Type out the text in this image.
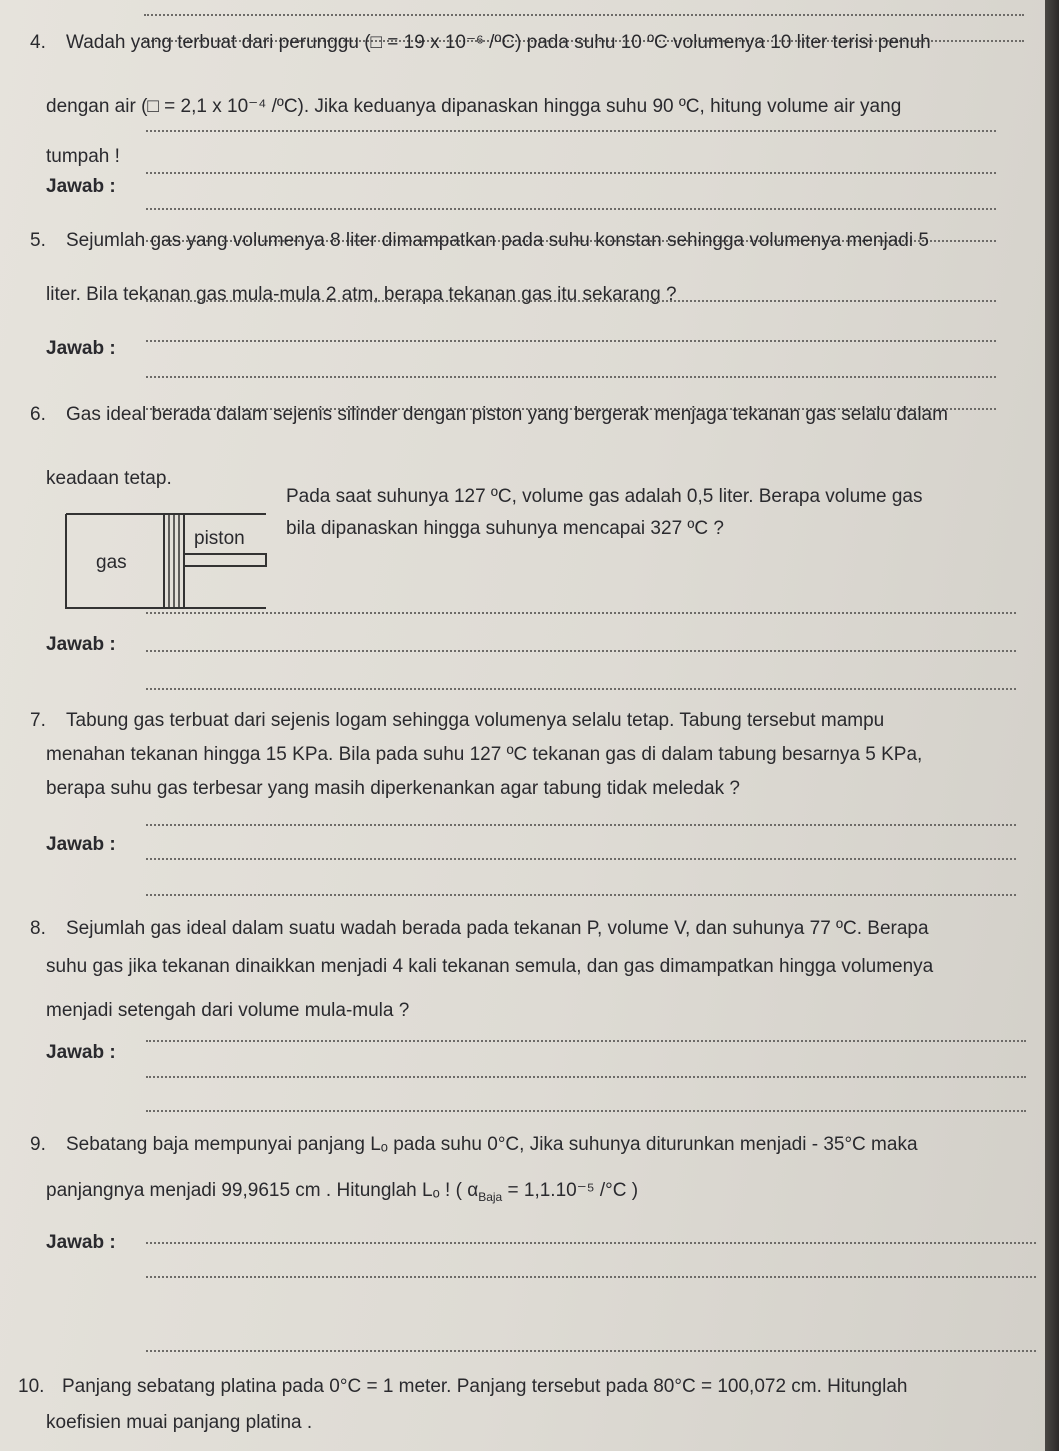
4. Wadah yang terbuat dari perunggu (□ = 19 x 10⁻⁶ /ºC) pada suhu 10 ºC volumenya 10 liter terisi penuh
dengan air (□ = 2,1 x 10⁻⁴ /ºC). Jika keduanya dipanaskan hingga suhu 90 ºC, hitung volume air yang
tumpah !
Jawab :
5. Sejumlah gas yang volumenya 8 liter dimampatkan pada suhu konstan sehingga volumenya menjadi 5
liter. Bila tekanan gas mula-mula 2 atm, berapa tekanan gas itu sekarang ?
Jawab :
6. Gas ideal berada dalam sejenis silinder dengan piston yang bergerak menjaga tekanan gas selalu dalam
keadaan tetap.
Pada saat suhunya 127 ºC, volume gas adalah 0,5 liter. Berapa volume gas
bila dipanaskan hingga suhunya mencapai 327 ºC ?
gas
piston
Jawab :
7. Tabung gas terbuat dari sejenis logam sehingga volumenya selalu tetap. Tabung tersebut mampu
menahan tekanan hingga 15 KPa. Bila pada suhu 127 ºC tekanan gas di dalam tabung besarnya 5 KPa,
berapa suhu gas terbesar yang masih diperkenankan agar tabung tidak meledak ?
Jawab :
8. Sejumlah gas ideal dalam suatu wadah berada pada tekanan P, volume V, dan suhunya 77 ºC. Berapa
suhu gas jika tekanan dinaikkan menjadi 4 kali tekanan semula, dan gas dimampatkan hingga volumenya
menjadi setengah dari volume mula-mula ?
Jawab :
9. Sebatang baja mempunyai panjang Lₒ pada suhu 0°C, Jika suhunya diturunkan menjadi - 35°C maka
panjangnya menjadi 99,9615 cm . Hitunglah Lₒ ! ( $\alpha_{Baja} = 1,1.10^{-5}$ /°C )
Jawab :
10. Panjang sebatang platina pada 0°C = 1 meter. Panjang tersebut pada 80°C = 100,072 cm. Hitunglah
koefisien muai panjang platina .
